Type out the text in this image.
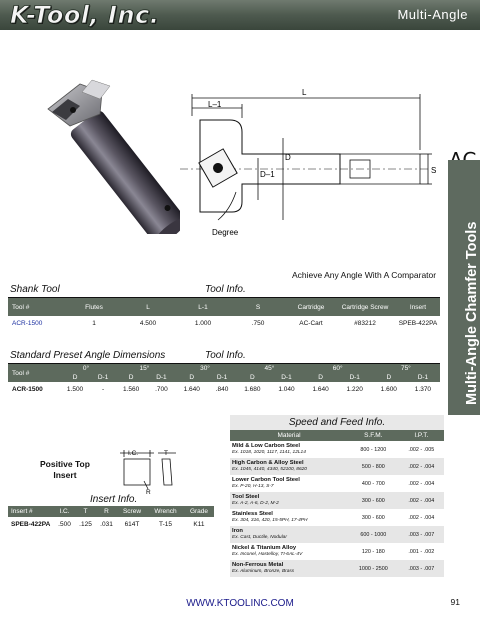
K-Tool, Inc.	Multi-Angle
Multi-Angle Chamfer Tools
L–1
L
D
D–1	S
Degree
Achieve Any Angle With A Comparator
Shank Tool	Tool Info.
Tool #	Flutes	L	L-1	S	Cartridge	Cartridge Screw	Insert
ACR-1500	1	4.500	1.000	.750	AC-Cart	#83212	SPEB-422PA
Standard Preset Angle Dimensions	Tool Info.
Tool #	0°		15°		30°		45°		60°		75°	
	D	D-1	D	D-1	D	D-1	D	D-1	D	D-1	D	D-1
ACR-1500	1.500	-	1.560	.700	1.640	.840	1.680	1.040	1.640	1.220	1.600	1.370
Positive Top
Insert
I.C.	T
R
Insert Info.
Insert #	I.C.	T	R	Screw	Wrench	Grade
SPEB-422PA	.500	.125	.031	614T	T-15	K11
Speed and Feed Info.
Material	S.F.M.	I.P.T.

Mild & Low Carbon Steel
Ex. 1018, 1020, 1117, 1141, 12L14	800 - 1200	.002 - .005

High Carbon & Alloy Steel
Ex. 1045, 4140, 4340, 52100, 8620	500 - 800	.002 - .004

Lower Carbon Tool Steel
Ex. P-20, H-13, S-7	400 - 700	.002 - .004

Tool Steel
Ex. A-2, A-6, D-2, M-2	300 - 600	.002 - .004

Stainless Steel
Ex. 304, 316, 420, 15-5PH, 17-4PH	300 - 600	.002 - .004

Iron
Ex. Cast, Ductile, Nodular	600 - 1000	.003 - .007

Nickel & Titanium Alloy
Ex. Inconel, Hastelloy, TI-6AL-4V	120 - 180	.001 - .002

Non-Ferrous Metal
Ex. Aluminum, Bronze, Brass	1000 - 2500	.003 - .007
WWW.KTOOLINC.COM	91
